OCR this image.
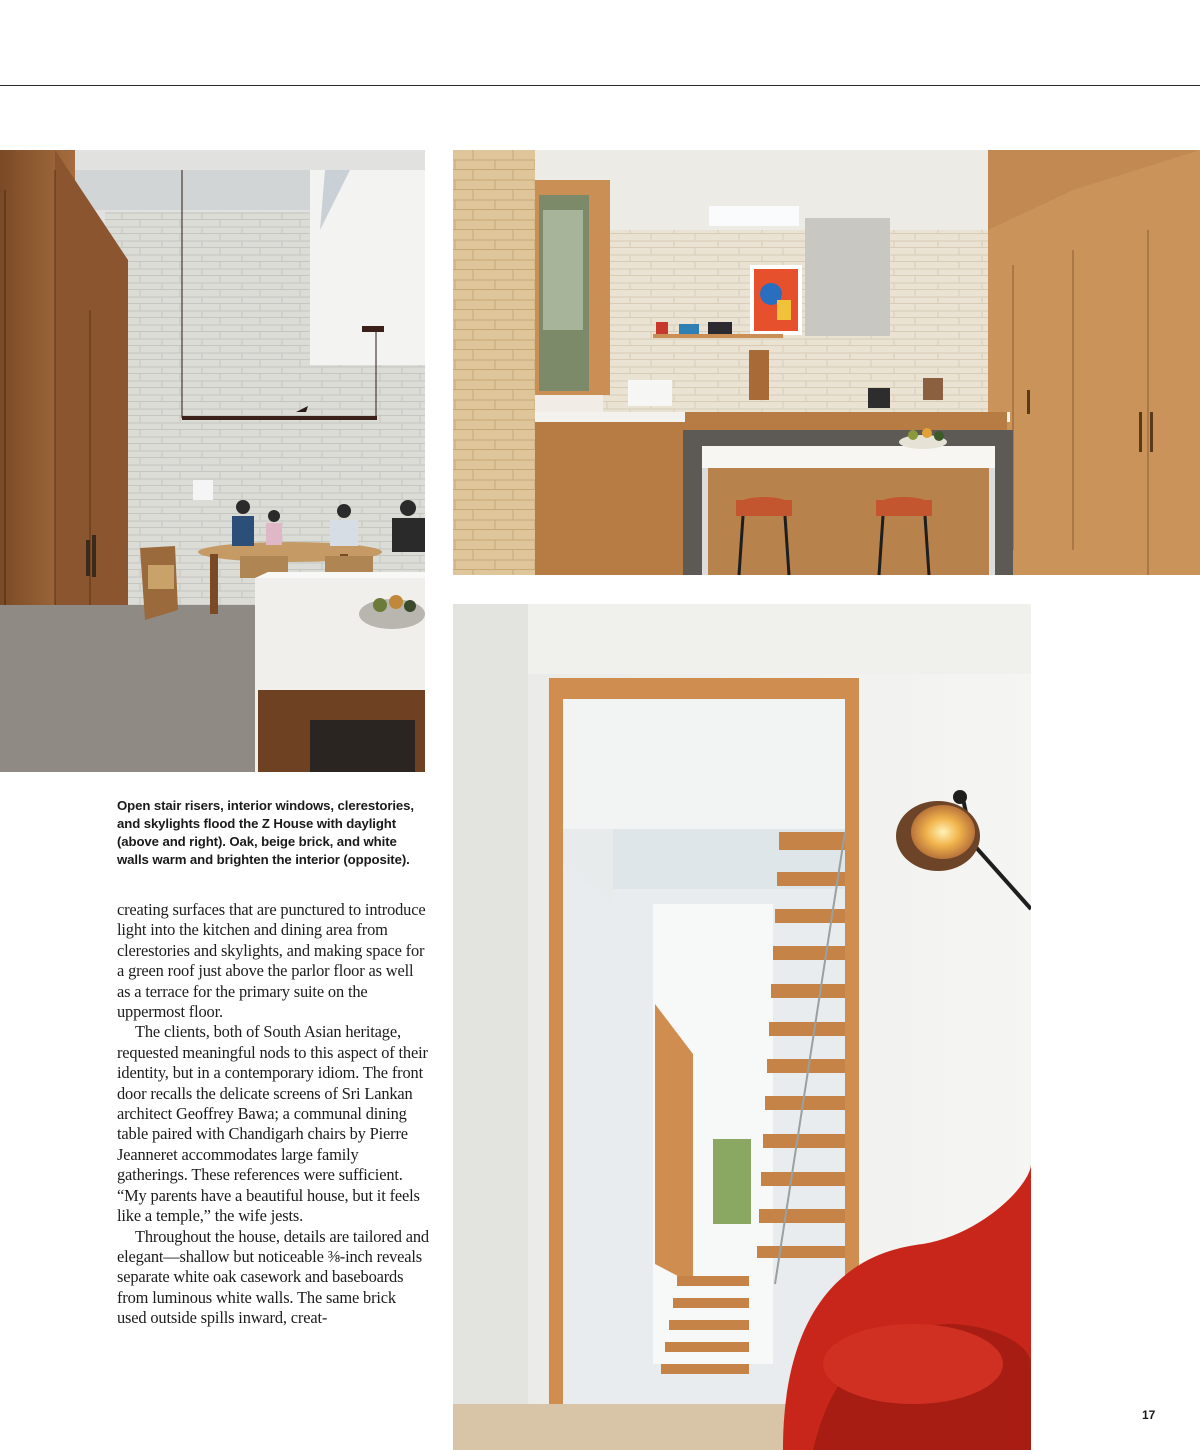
Open stair risers, interior windows, clerestories, and skylights flood the Z House with daylight (above and right). Oak, beige brick, and white walls warm and brighten the interior (opposite).

creating surfaces that are punctured to introduce light into the kitchen and dining area from clerestories and skylights, and making space for a green roof just above the parlor floor as well as a terrace for the primary suite on the uppermost floor.

The clients, both of South Asian heritage, requested meaningful nods to this aspect of their identity, but in a contemporary idiom. The front door recalls the delicate screens of Sri Lankan architect Geoffrey Bawa; a communal dining table paired with Chandigarh chairs by Pierre Jeanneret accommodates large family gatherings. These references were sufficient. “My parents have a beautiful house, but it feels like a temple,” the wife jests.

Throughout the house, details are tailored and elegant—shallow but noticeable ⅜-inch reveals separate white oak casework and baseboards from luminous white walls. The same brick used outside spills inward, creat-

17
